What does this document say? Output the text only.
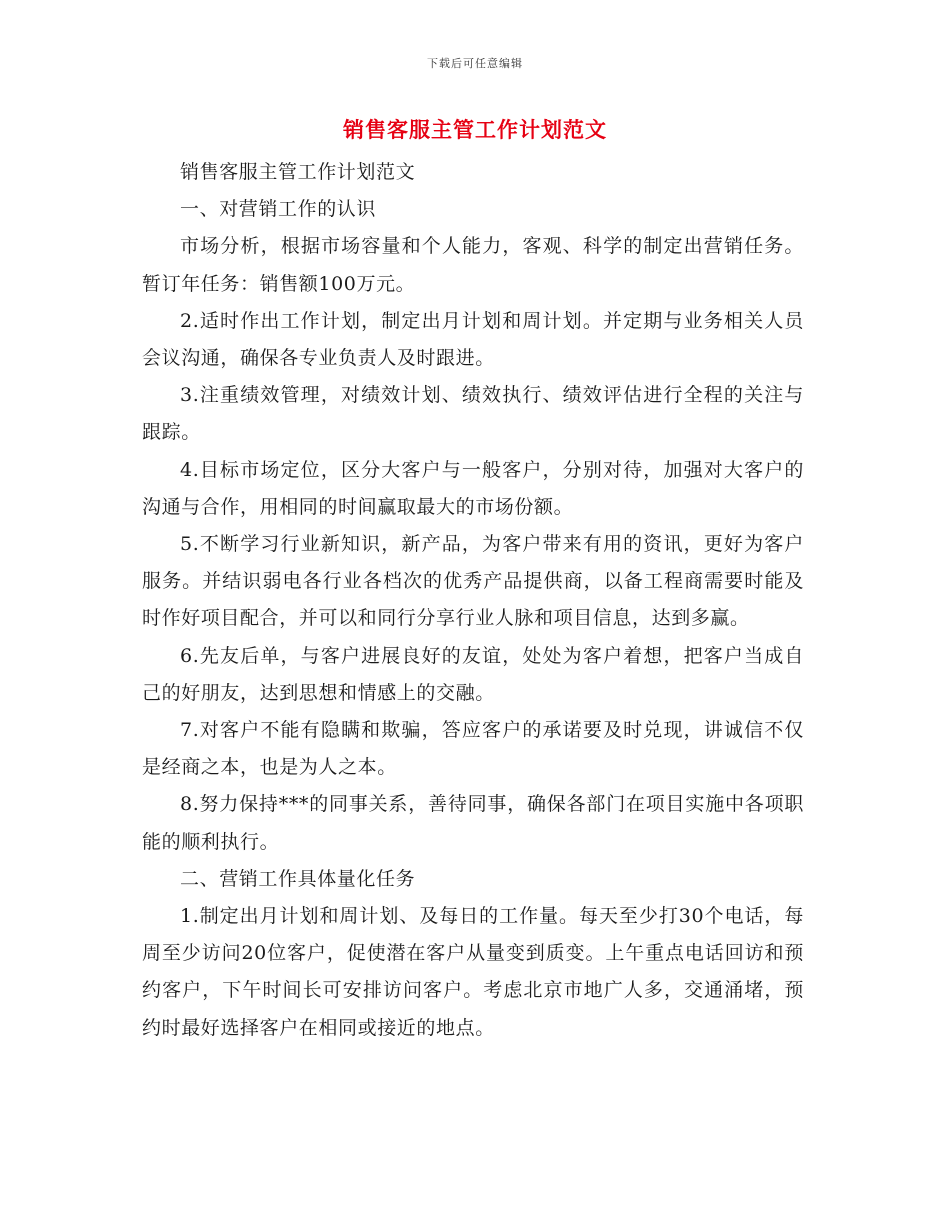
下载后可任意编辑
销售客服主管工作计划范文

销售客服主管工作计划范文

一、对营销工作的认识

市场分析，根据市场容量和个人能力，客观、科学的制定出营销任务。暂订年任务：销售额100万元。

2.适时作出工作计划，制定出月计划和周计划。并定期与业务相关人员会议沟通，确保各专业负责人及时跟进。

3.注重绩效管理，对绩效计划、绩效执行、绩效评估进行全程的关注与跟踪。

4.目标市场定位，区分大客户与一般客户，分别对待，加强对大客户的沟通与合作，用相同的时间赢取最大的市场份额。

5.不断学习行业新知识，新产品，为客户带来有用的资讯，更好为客户服务。并结识弱电各行业各档次的优秀产品提供商，以备工程商需要时能及时作好项目配合，并可以和同行分享行业人脉和项目信息，达到多赢。

6.先友后单，与客户进展良好的友谊，处处为客户着想，把客户当成自己的好朋友，达到思想和情感上的交融。

7.对客户不能有隐瞒和欺骗，答应客户的承诺要及时兑现，讲诚信不仅是经商之本，也是为人之本。

8.努力保持***的同事关系，善待同事，确保各部门在项目实施中各项职能的顺利执行。

二、营销工作具体量化任务

1.制定出月计划和周计划、及每日的工作量。每天至少打30个电话，每周至少访问20位客户，促使潜在客户从量变到质变。上午重点电话回访和预约客户，下午时间长可安排访问客户。考虑北京市地广人多，交通涌堵，预约时最好选择客户在相同或接近的地点。
